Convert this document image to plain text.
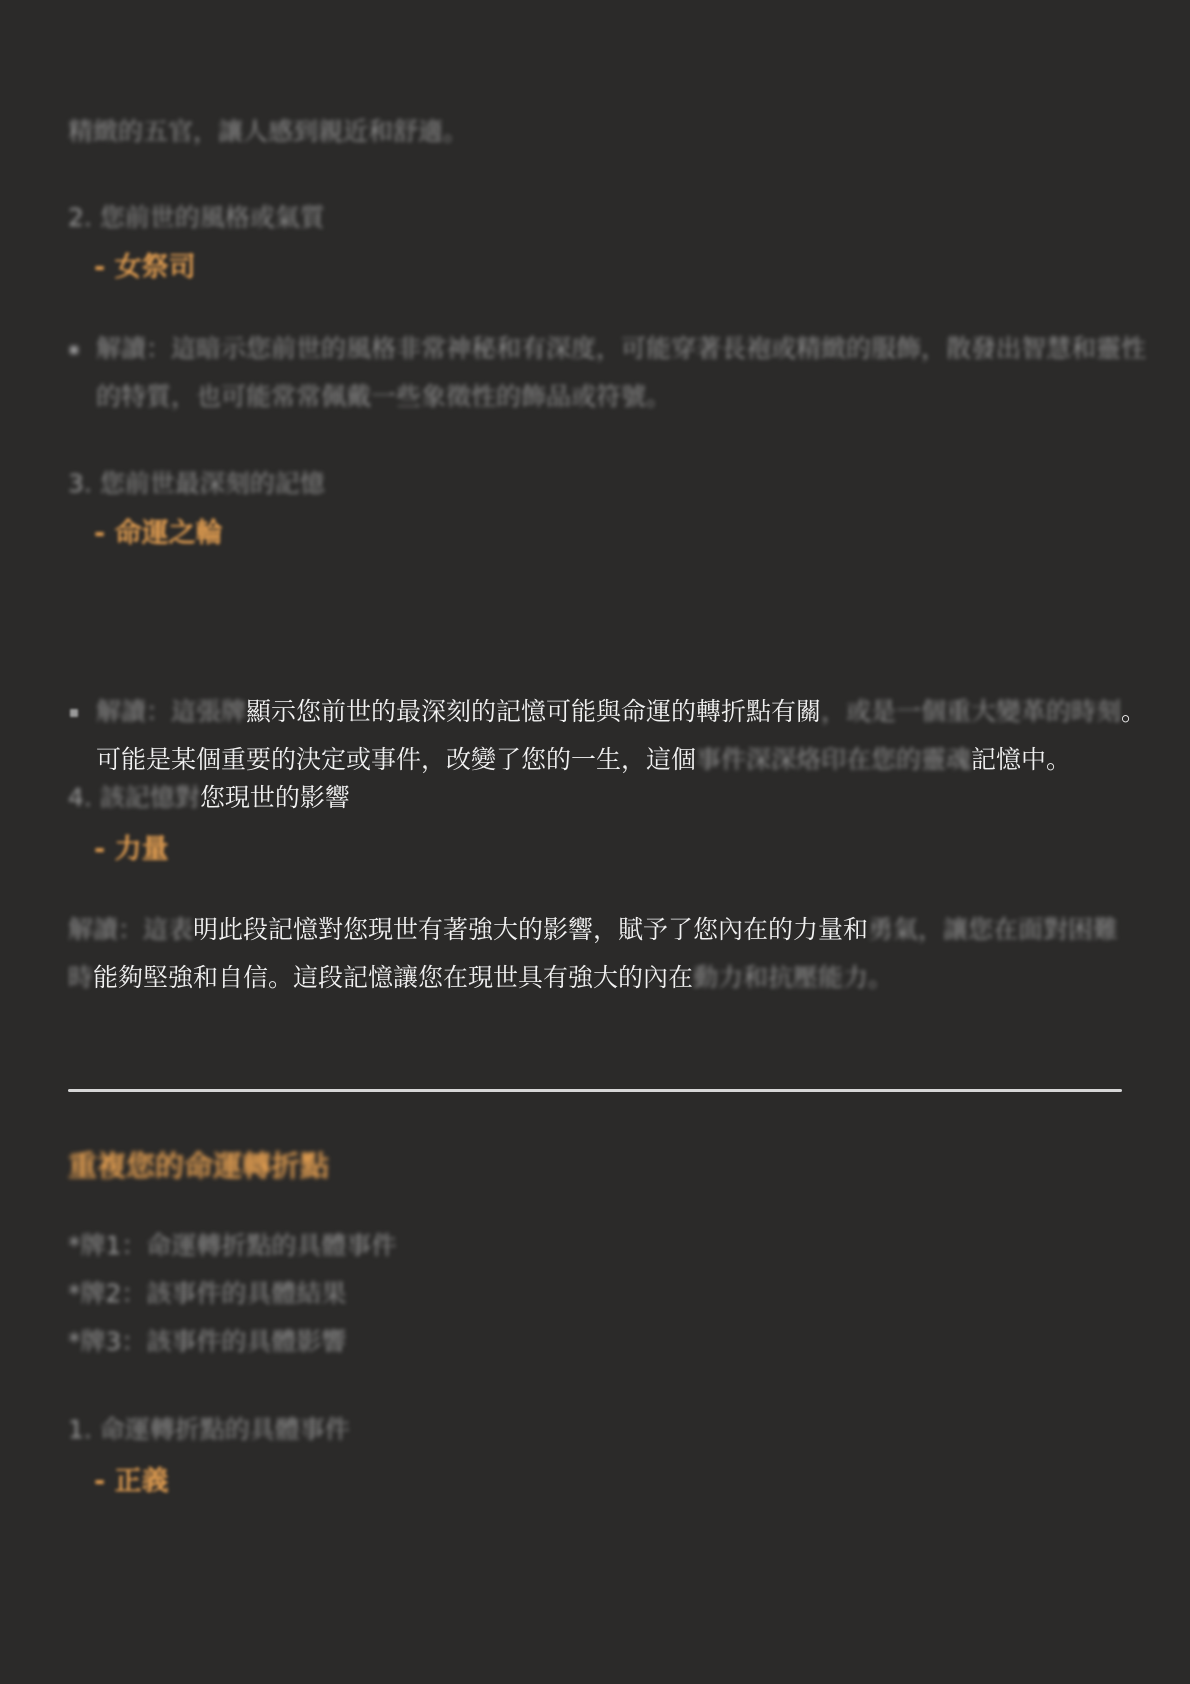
精緻的五官，讓人感到親近和舒適。
2. 您前世的風格或氣質
- 女祭司
解讀：這暗示您前世的風格非常神秘和有深度，可能穿著長袍或精緻的服飾，散發出智慧和靈性的特質，也可能常常佩戴一些象徵性的飾品或符號。
3. 您前世最深刻的記憶
- 命運之輪
解讀：這張牌顯示您前世的最深刻的記憶可能與命運的轉折點有關，或是一個重大變革的時刻。可能是某個重要的決定或事件，改變了您的一生，這個事件深深烙印在您的靈魂記憶中。
4. 該記憶對您現世的影響
- 力量
解讀：這表明此段記憶對您現世有著強大的影響，賦予了您內在的力量和勇氣，讓您在面對困難時能夠堅強和自信。這段記憶讓您在現世具有強大的內在動力和抗壓能力。
重複您的命運轉折點
*牌1：命運轉折點的具體事件
*牌2：該事件的具體結果
*牌3：該事件的具體影響
1. 命運轉折點的具體事件
- 正義
